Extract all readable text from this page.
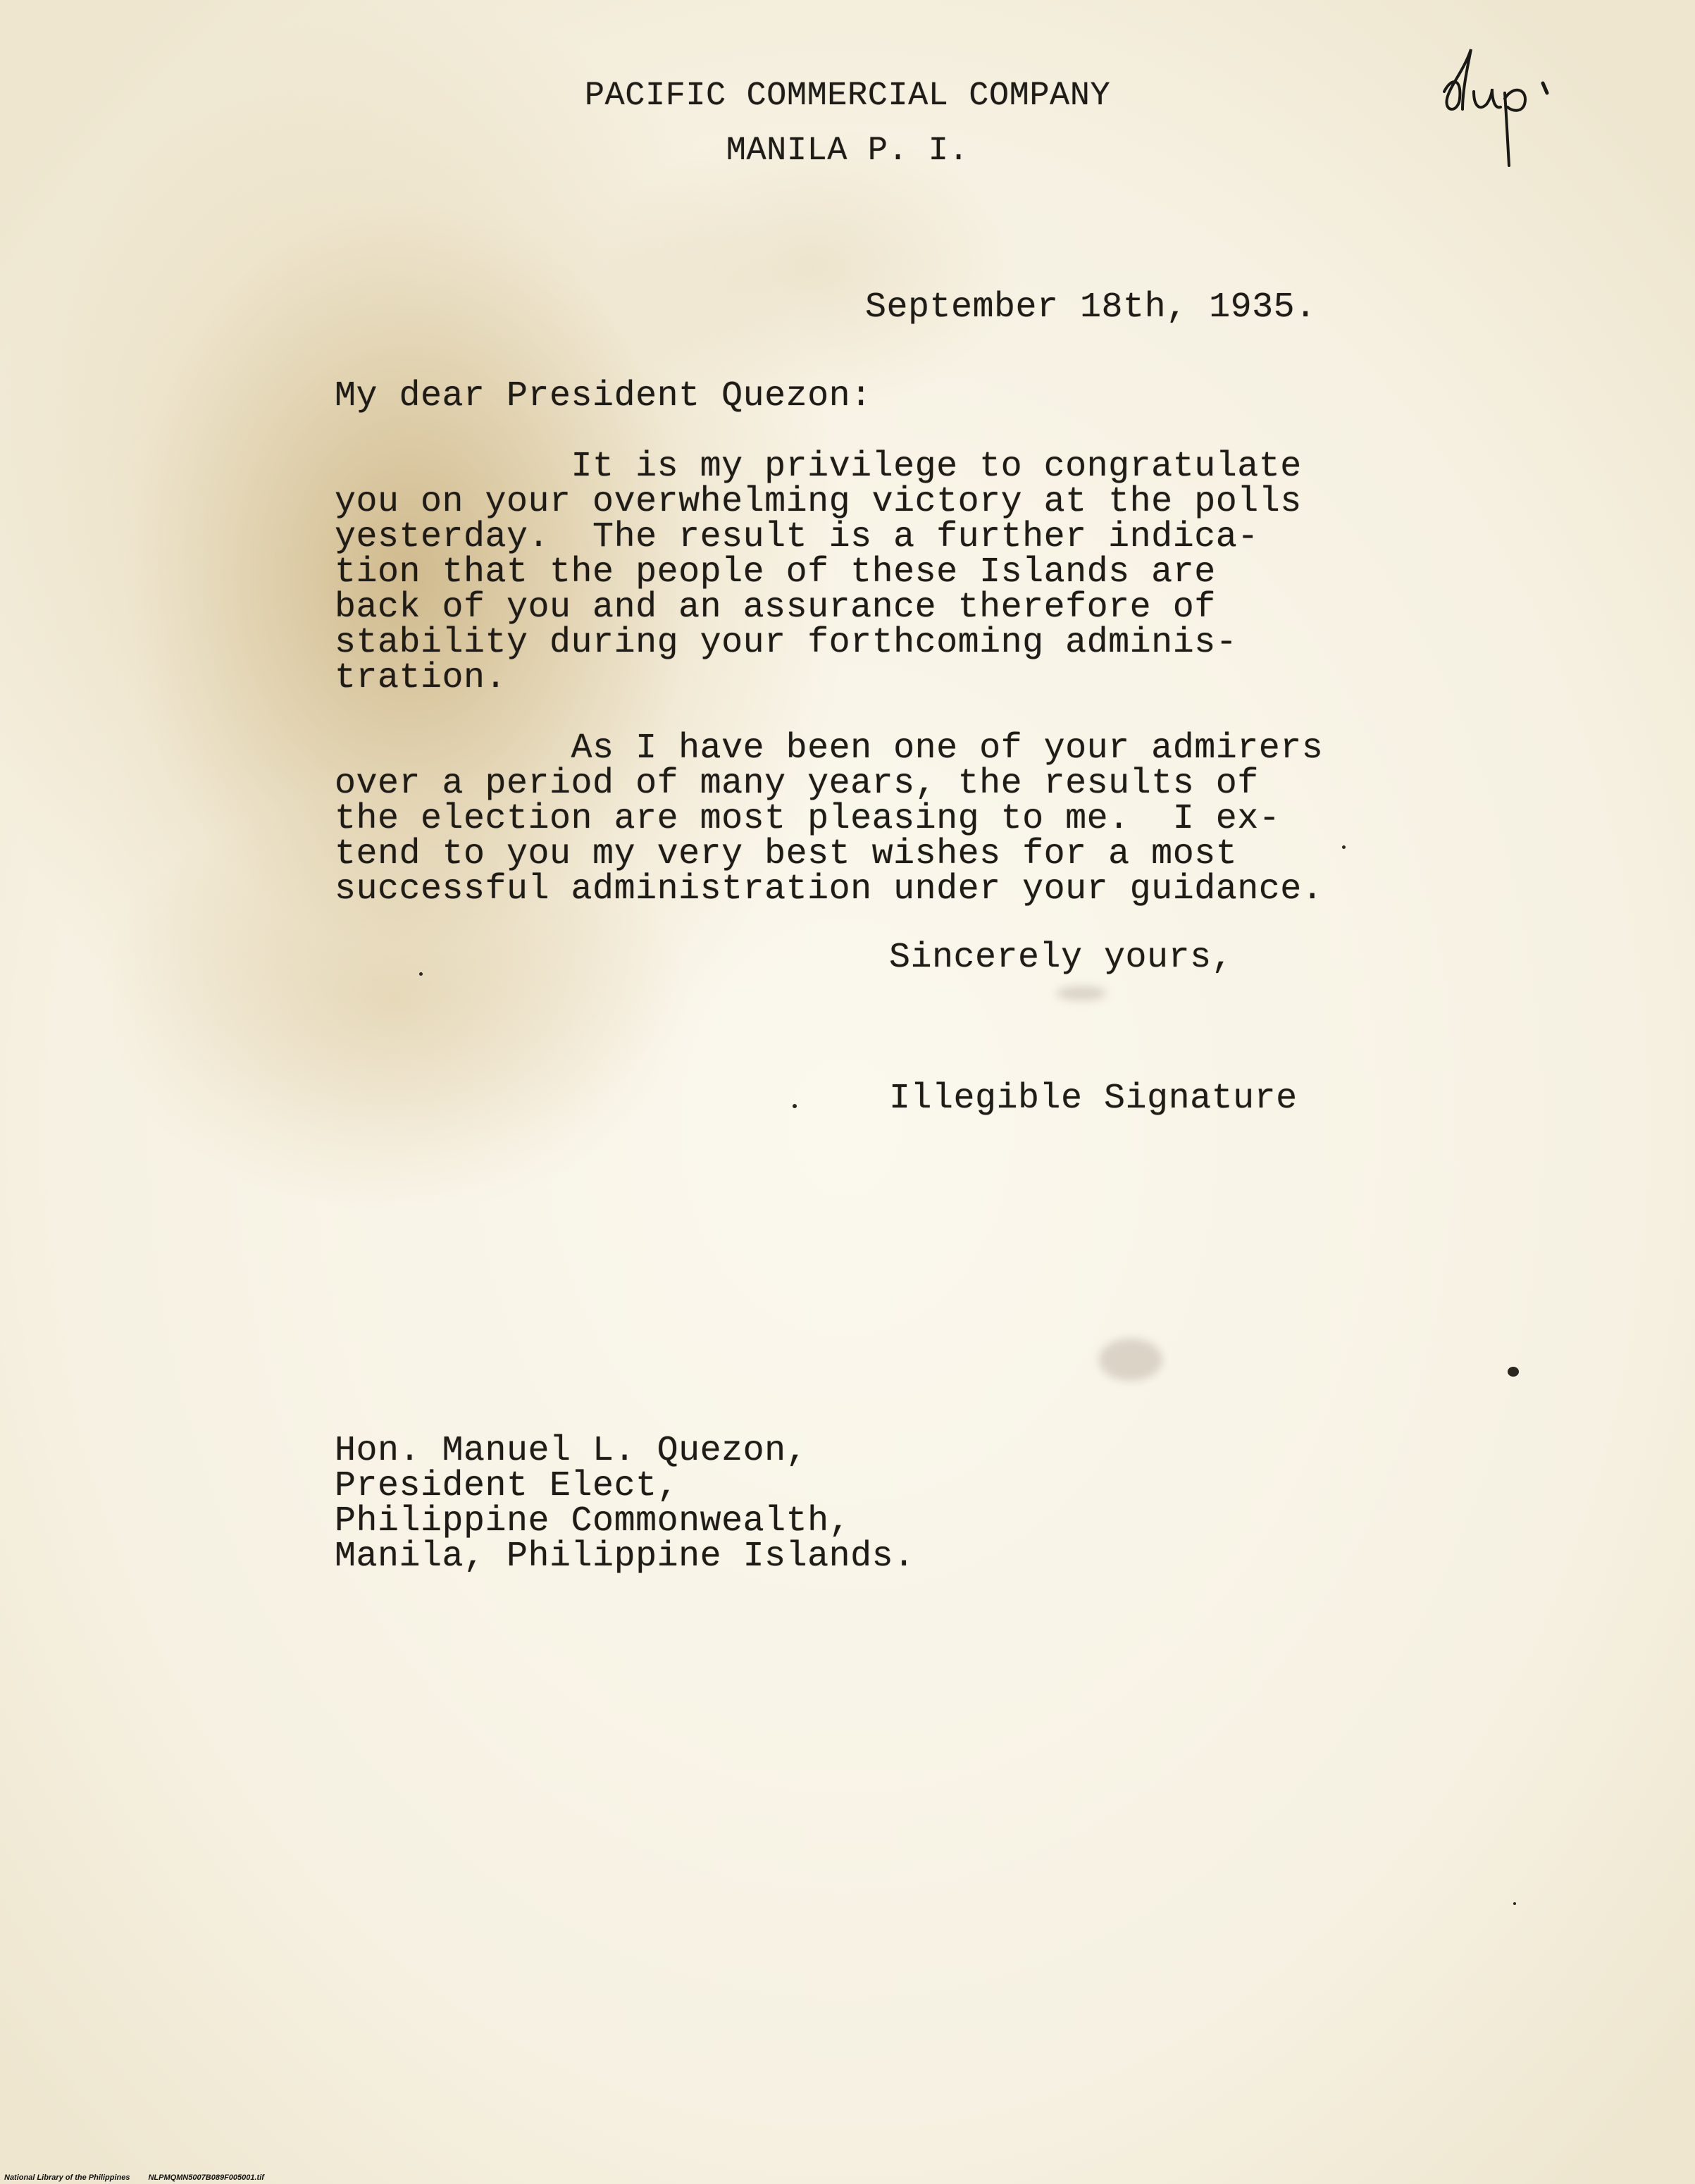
PACIFIC COMMERCIAL COMPANY
MANILA P. I.
September 18th, 1935.
My dear President Quezon:
It is my privilege to congratulate
you on your overwhelming victory at the polls
yesterday.  The result is a further indica-
tion that the people of these Islands are
back of you and an assurance therefore of
stability during your forthcoming adminis-
tration.
As I have been one of your admirers
over a period of many years, the results of
the election are most pleasing to me.  I ex-
tend to you my very best wishes for a most
successful administration under your guidance.
Sincerely yours,
Illegible Signature
Hon. Manuel L. Quezon,
President Elect,
Philippine Commonwealth,
Manila, Philippine Islands.
National Library of the Philippines NLPMQMN5007B089F005001.tif
